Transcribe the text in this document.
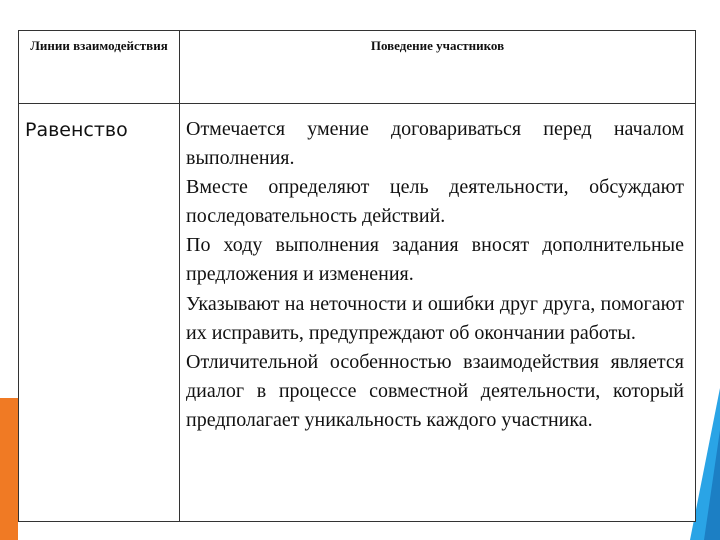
Линии взаимодействия	Поведение участников

Равенство	Отмечается умение договариваться перед началом выполнения.

Вместе определяют цель деятельности, обсуждают последовательность действий.

По ходу выполнения задания вносят дополнительные предложения и изменения.

Указывают на неточности и ошибки друг друга, помогают их исправить, предупреждают об окончании работы.

Отличительной особенностью взаимодействия является диалог в процессе совместной деятельности, который предполагает уникальность каждого участника.
